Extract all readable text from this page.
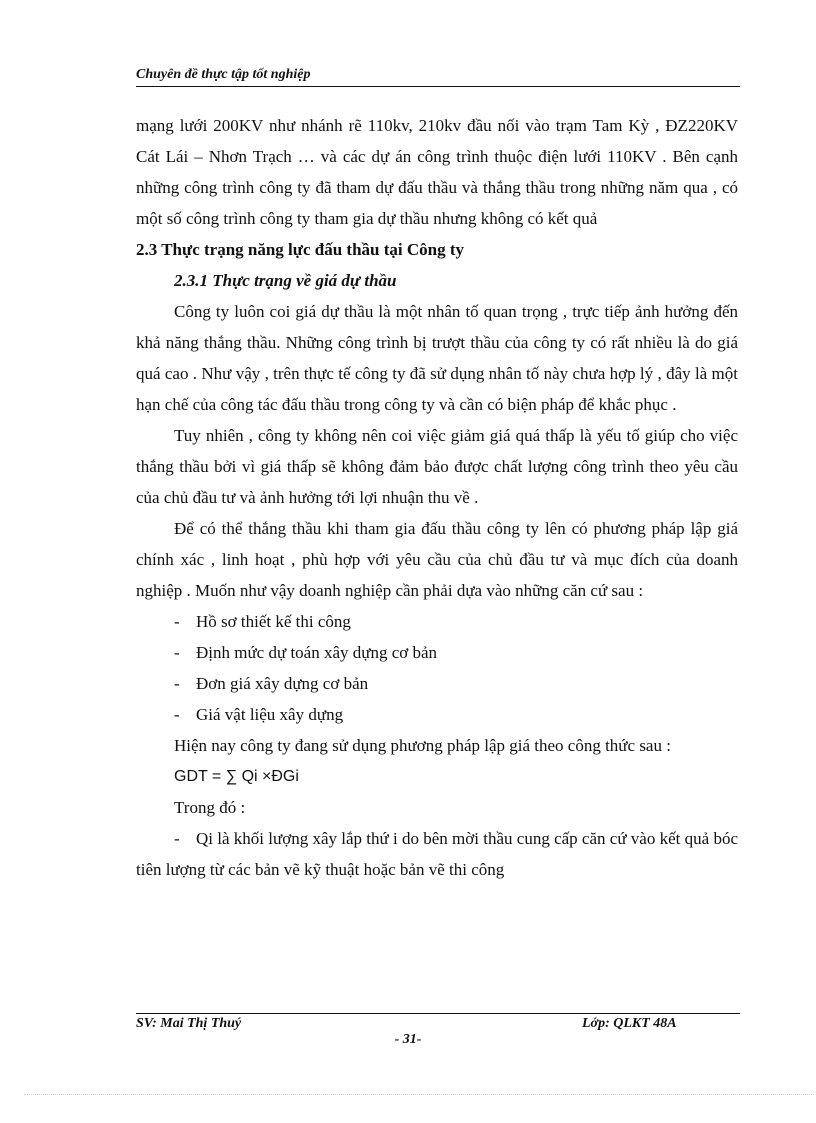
Chuyên đề thực tập tốt nghiệp

mạng lưới 200KV như nhánh rẽ 110kv, 210kv đầu nối vào trạm Tam Kỳ , ĐZ220KV Cát Lái – Nhơn Trạch … và các dự án công trình thuộc điện lưới 110KV . Bên cạnh những công trình công ty đã tham dự đấu thầu và thắng thầu trong những năm qua , có một số công trình công ty tham gia dự thầu nhưng không có kết quả

2.3 Thực trạng năng lực đấu thầu tại Công ty

2.3.1 Thực trạng về giá dự thầu

Công ty luôn coi giá dự thầu là một nhân tố quan trọng , trực tiếp ảnh hưởng đến khả năng thắng thầu. Những công trình bị trượt thầu của công ty có rất nhiều là do giá quá cao . Như vậy , trên thực tế công ty đã sử dụng nhân tố này chưa hợp lý , đây là một hạn chế của công tác đấu thầu trong công ty và cần có biện pháp để khắc phục .

Tuy nhiên , công ty không nên coi việc giảm giá quá thấp là yếu tố giúp cho việc thắng thầu bởi vì giá thấp sẽ không đảm bảo được chất lượng công trình theo yêu cầu của chủ đầu tư và ảnh hưởng tới lợi nhuận thu về .

Để có thể thắng thầu khi tham gia đấu thầu công ty lên có phương pháp lập giá chính xác , linh hoạt , phù hợp với yêu cầu của chủ đầu tư và mục đích của doanh nghiệp . Muốn như vậy doanh nghiệp cần phải dựa vào những căn cứ sau :

- Hồ sơ thiết kế thi công
- Định mức dự toán xây dựng cơ bản
- Đơn giá xây dựng cơ bản
- Giá vật liệu xây dựng

Hiện nay công ty đang sử dụng phương pháp lập giá theo công thức sau :

GDT = ∑ Qi ×ĐGi

Trong đó :

- Qi là khối lượng xây lắp thứ i do bên mời thầu cung cấp căn cứ vào kết quả bóc tiên lượng từ các bản vẽ kỹ thuật hoặc bản vẽ thi công
SV: Mai Thị Thuý	Lớp: QLKT 48A
- 31-
